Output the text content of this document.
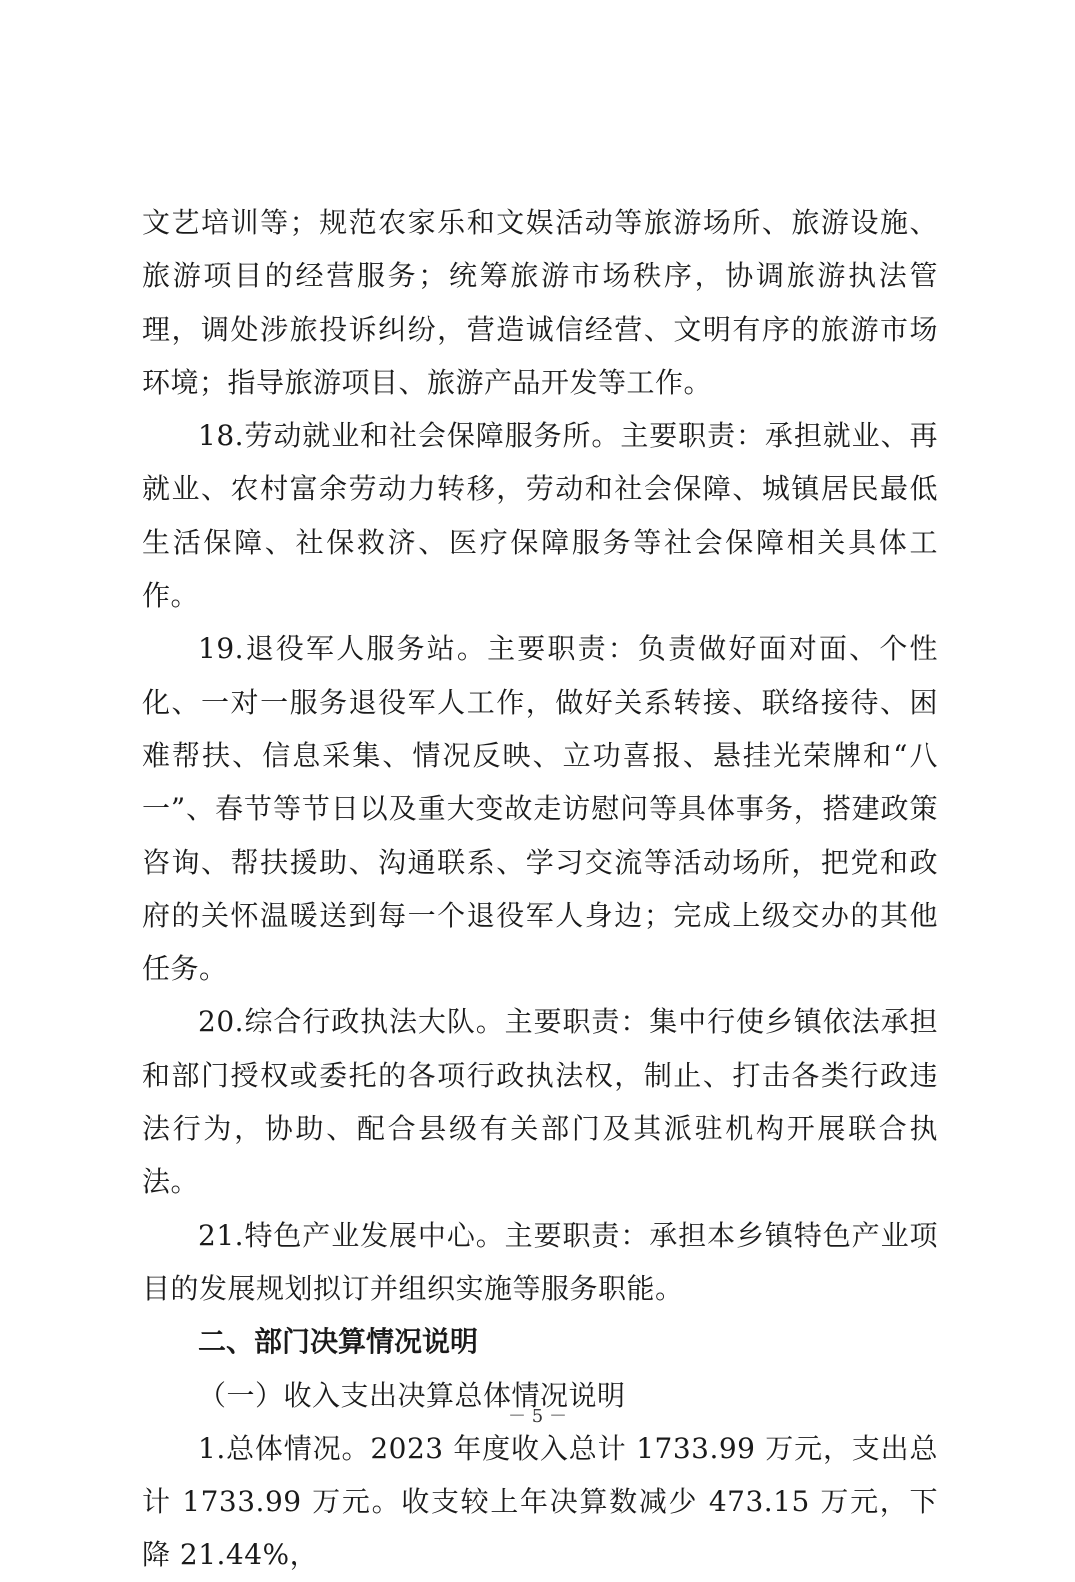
文艺培训等；规范农家乐和文娱活动等旅游场所、旅游设施、旅游项目的经营服务；统筹旅游市场秩序，协调旅游执法管理，调处涉旅投诉纠纷，营造诚信经营、文明有序的旅游市场环境；指导旅游项目、旅游产品开发等工作。

18.劳动就业和社会保障服务所。主要职责：承担就业、再就业、农村富余劳动力转移，劳动和社会保障、城镇居民最低生活保障、社保救济、医疗保障服务等社会保障相关具体工作。

19.退役军人服务站。主要职责：负责做好面对面、个性化、一对一服务退役军人工作，做好关系转接、联络接待、困难帮扶、信息采集、情况反映、立功喜报、悬挂光荣牌和“八一”、春节等节日以及重大变故走访慰问等具体事务，搭建政策咨询、帮扶援助、沟通联系、学习交流等活动场所，把党和政府的关怀温暖送到每一个退役军人身边；完成上级交办的其他任务。

20.综合行政执法大队。主要职责：集中行使乡镇依法承担和部门授权或委托的各项行政执法权，制止、打击各类行政违法行为，协助、配合县级有关部门及其派驻机构开展联合执法。

21.特色产业发展中心。主要职责：承担本乡镇特色产业项目的发展规划拟订并组织实施等服务职能。

二、部门决算情况说明

（一）收入支出决算总体情况说明

1.总体情况。2023 年度收入总计 1733.99 万元，支出总计 1733.99 万元。收支较上年决算数减少 473.15 万元，下降 21.44%，

－ 5 －
